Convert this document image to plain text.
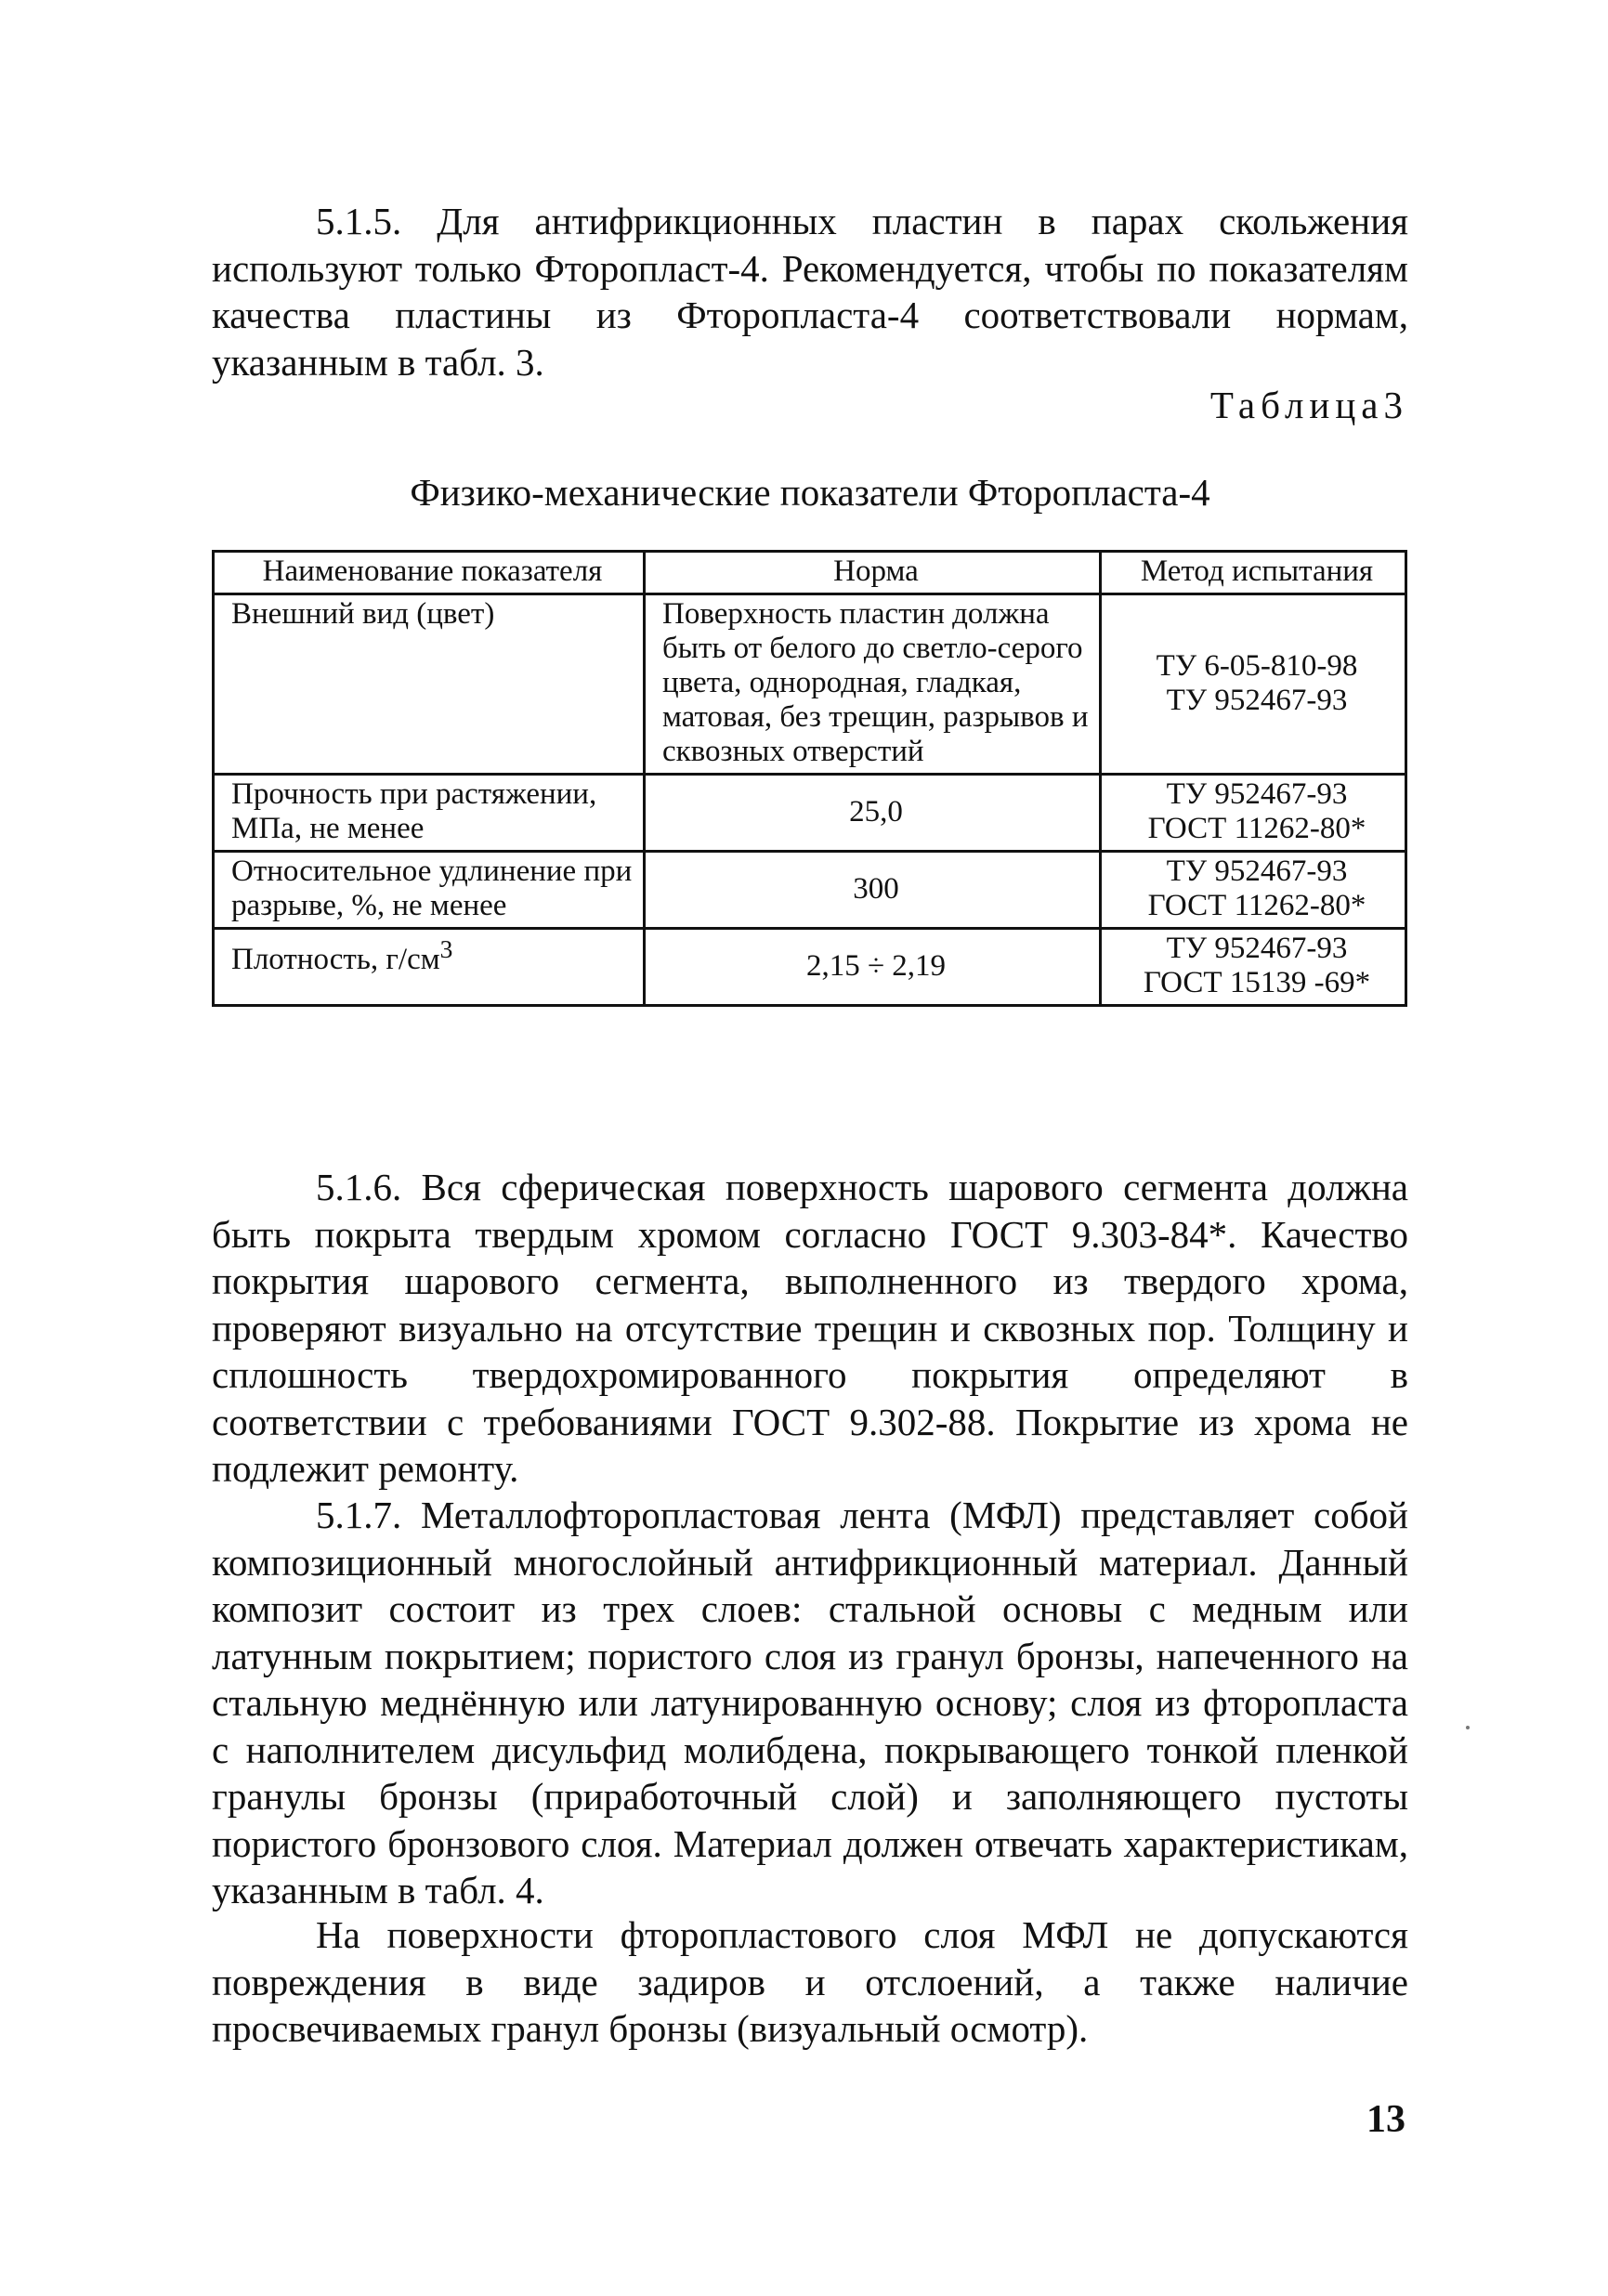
5.1.5. Для антифрикционных пластин в парах скольжения используют только Фторопласт-4. Рекомендуется, чтобы по показателям качества пластины из Фторопласта-4 соответствовали нормам, указанным в табл. 3.

Таблица3

Физико-механические показатели Фторопласта-4

Наименование показателя	Норма	Метод испытания
Внешний вид (цвет)	Поверхность пластин должна быть от белого до светло-серого цвета, однородная, гладкая, матовая, без трещин, разрывов и сквозных отверстий	ТУ 6-05-810-98
ТУ 952467-93

Прочность при растяжении, МПа, не менее	25,0	ТУ 952467-93
ГОСТ 11262-80*

Относительное удлинение при разрыве, %, не менее	300	ТУ 952467-93
ГОСТ 11262-80*

Плотность, $г/см^3$	2,15 ÷ 2,19	ТУ 952467-93
ГОСТ 15139 -69*

5.1.6. Вся сферическая поверхность шарового сегмента должна быть покрыта твердым хромом согласно ГОСТ 9.303-84*. Качество покрытия шарового сегмента, выполненного из твердого хрома, проверяют визуально на отсутствие трещин и сквозных пор. Толщину и сплошность твердохромированного покрытия определяют в соответствии с требованиями ГОСТ 9.302-88. Покрытие из хрома не подлежит ремонту.

5.1.7. Металлофторопластовая лента (МФЛ) представляет собой композиционный многослойный антифрикционный материал. Данный композит состоит из трех слоев: стальной основы с медным или латунным покрытием; пористого слоя из гранул бронзы, напеченного на стальную меднённую или латунированную основу; слоя из фторопласта с наполнителем дисульфид молибдена, покрывающего тонкой пленкой гранулы бронзы (приработочный слой) и заполняющего пустоты пористого бронзового слоя. Материал должен отвечать характеристикам, указанным в табл. 4.

На поверхности фторопластового слоя МФЛ не допускаются повреждения в виде задиров и отслоений, а также наличие просвечиваемых гранул бронзы (визуальный осмотр).

13
